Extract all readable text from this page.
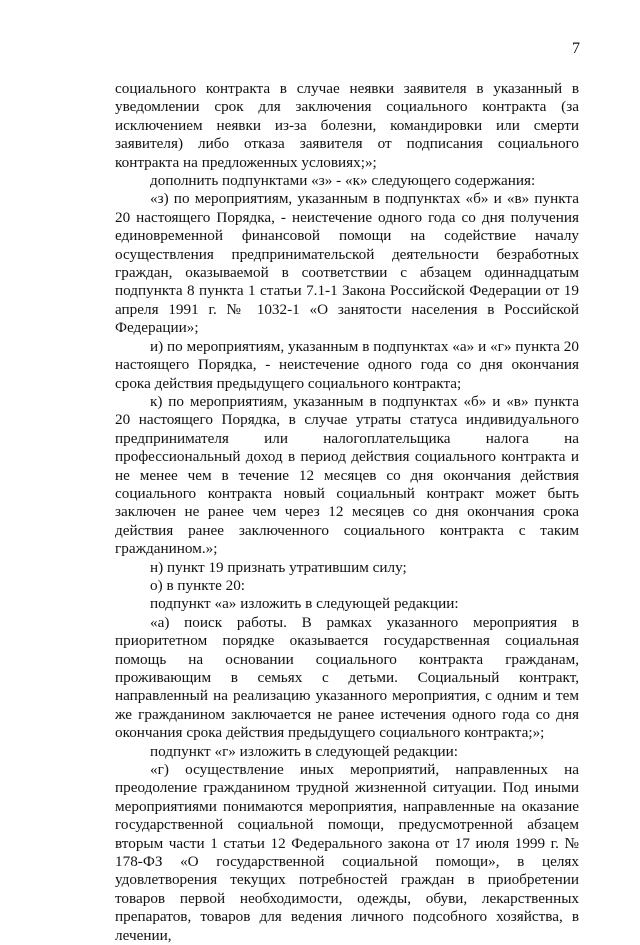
7

социального контракта в случае неявки заявителя в указанный в уведомлении срок для заключения социального контракта (за исключением неявки из-за болезни, командировки или смерти заявителя) либо отказа заявителя от подписания социального контракта на предложенных условиях;»;

дополнить подпунктами «з» - «к» следующего содержания:

«з) по мероприятиям, указанным в подпунктах «б» и «в» пункта 20 настоящего Порядка, - неистечение одного года со дня получения единовременной финансовой помощи на содействие началу осуществления предпринимательской деятельности безработных граждан, оказываемой в соответствии с абзацем одиннадцатым подпункта 8 пункта 1 статьи 7.1-1 Закона Российской Федерации от 19 апреля 1991 г. № 1032-1 «О занятости населения в Российской Федерации»;

и) по мероприятиям, указанным в подпунктах «а» и «г» пункта 20 настоящего Порядка, - неистечение одного года со дня окончания срока действия предыдущего социального контракта;

к) по мероприятиям, указанным в подпунктах «б» и «в» пункта 20 настоящего Порядка, в случае утраты статуса индивидуального предпринимателя или налогоплательщика налога на профессиональный доход в период действия социального контракта и не менее чем в течение 12 месяцев со дня окончания действия социального контракта новый социальный контракт может быть заключен не ранее чем через 12 месяцев со дня окончания срока действия ранее заключенного социального контракта с таким гражданином.»;

н) пункт 19 признать утратившим силу;

о) в пункте 20:

подпункт «а» изложить в следующей редакции:

«а) поиск работы. В рамках указанного мероприятия в приоритетном порядке оказывается государственная социальная помощь на основании социального контракта гражданам, проживающим в семьях с детьми. Социальный контракт, направленный на реализацию указанного мероприятия, с одним и тем же гражданином заключается не ранее истечения одного года со дня окончания срока действия предыдущего социального контракта;»;

подпункт «г» изложить в следующей редакции:

«г) осуществление иных мероприятий, направленных на преодоление гражданином трудной жизненной ситуации. Под иными мероприятиями понимаются мероприятия, направленные на оказание государственной социальной помощи, предусмотренной абзацем вторым части 1 статьи 12 Федерального закона от 17 июля 1999 г. № 178-ФЗ «О государственной социальной помощи», в целях удовлетворения текущих потребностей граждан в приобретении товаров первой необходимости, одежды, обуви, лекарственных препаратов, товаров для ведения личного подсобного хозяйства, в лечении,
